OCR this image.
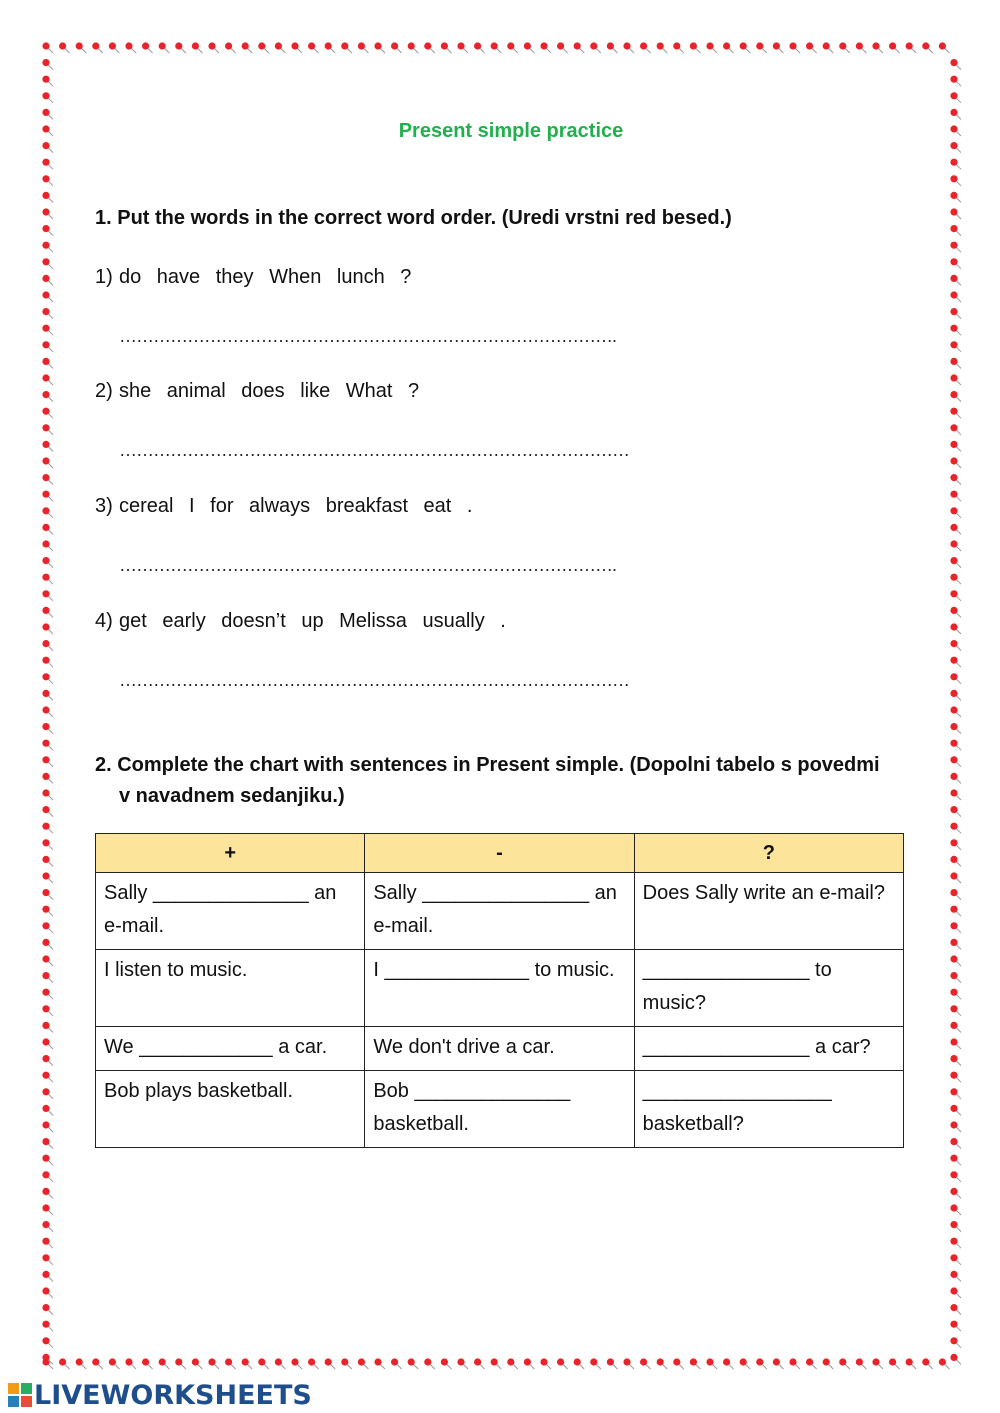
Present simple practice
1. Put the words in the correct word order. (Uredi vrstni red besed.)
1) do have they When lunch ?
…………………………………………………………………………….
2) she animal does like What ?
………………………………………………………………………………
3) cereal I for always breakfast eat .
…………………………………………………………………………….
4) get early doesn’t up Melissa usually .
………………………………………………………………………………
2. Complete the chart with sentences in Present simple. (Dopolni tabelo s povedmi
v navadnem sedanjiku.)
+	-	?
Sally ______________ an e-mail.	Sally _______________ an e-mail.	Does Sally write an e-mail?
I listen to music.	I _____________ to music.	_______________ to music?
We ____________ a car.	We don't drive a car.	_______________ a car?
Bob plays basketball.	Bob ______________ basketball.	_________________ basketball?
LIVEWORKSHEETS
